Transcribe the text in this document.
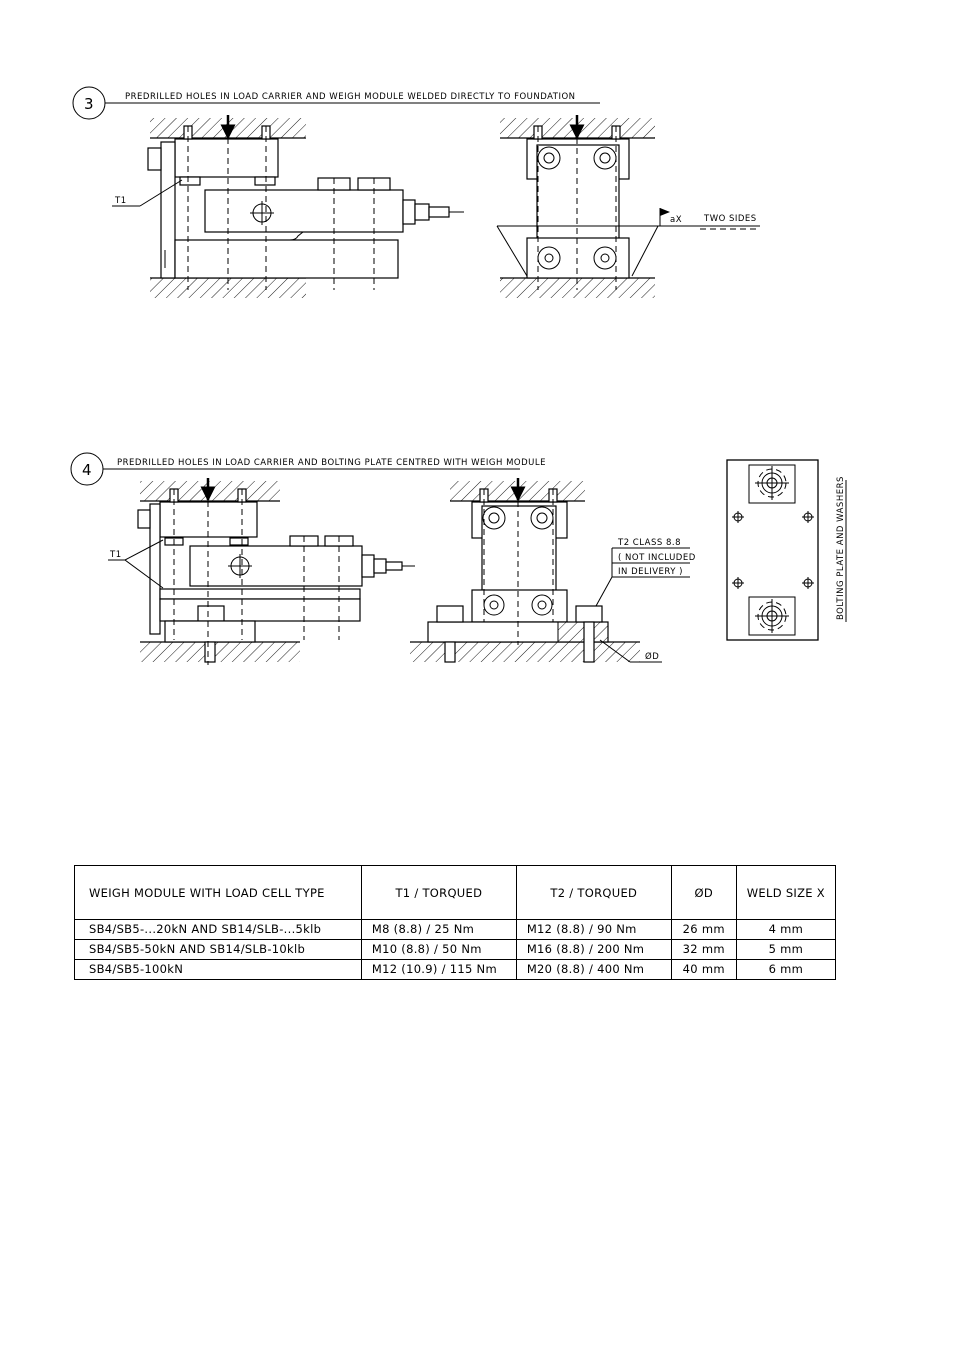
3	PREDRILLED HOLES IN LOAD CARRIER AND WEIGH MODULE WELDED DIRECTLY TO FOUNDATION
T1
aX	TWO SIDES
4	PREDRILLED HOLES IN LOAD CARRIER AND BOLTING PLATE CENTRED WITH WEIGH MODULE
T1
T2 CLASS 8.8
( NOT INCLUDED
IN DELIVERY )
ØD
BOLTING PLATE AND WASHERS
WEIGH MODULE WITH LOAD CELL TYPE	T1 / TORQUED	T2 / TORQUED	ØD	WELD SIZE X
SB4/SB5-...20kN AND SB14/SLB-...5klb	M8 (8.8) / 25 Nm	M12 (8.8) / 90 Nm	26 mm	4 mm
SB4/SB5-50kN AND SB14/SLB-10klb	M10 (8.8) / 50 Nm	M16 (8.8) / 200 Nm	32 mm	5 mm
SB4/SB5-100kN	M12 (10.9) / 115 Nm	M20 (8.8) / 400 Nm	40 mm	6 mm
